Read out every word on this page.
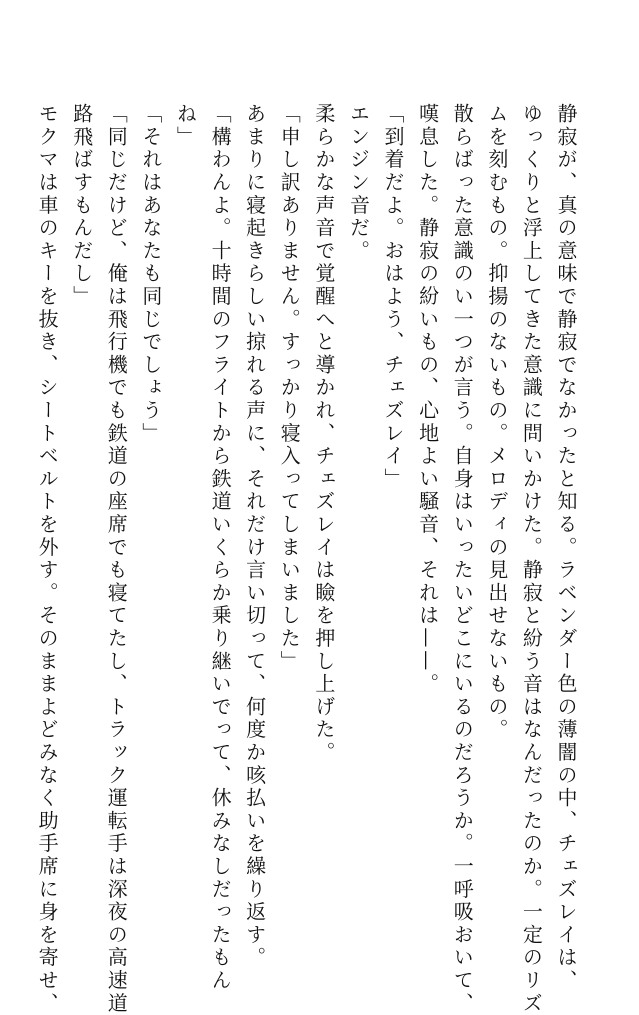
静寂が、真の意味で静寂でなかったと知る。ラベンダー色の薄闇の中、チェズレイは、

ゆっくりと浮上してきた意識に問いかけた。静寂と紛う音はなんだったのか。一定のリズ

ムを刻むもの。抑揚のないもの。メロディの見出せないもの。

散らばった意識のい一つが言う。自身はいったいどこにいるのだろうか。一呼吸おいて、

嘆息した。静寂の紛いもの、心地よい騒音、それは——。

「到着だよ。おはよう、チェズレイ」

エンジン音だ。

柔らかな声音で覚醒へと導かれ、チェズレイは瞼を押し上げた。

「申し訳ありません。すっかり寝入ってしまいました」

あまりに寝起きらしい掠れる声に、それだけ言い切って、何度か咳払いを繰り返す。

「構わんよ。十時間のフライトから鉄道いくらか乗り継いでって、休みなしだったもん

ね」

「それはあなたも同じでしょう」

「同じだけど、俺は飛行機でも鉄道の座席でも寝てたし、トラック運転手は深夜の高速道

路飛ばすもんだし」

モクマは車のキーを抜き、シートベルトを外す。そのままよどみなく助手席に身を寄せ、
